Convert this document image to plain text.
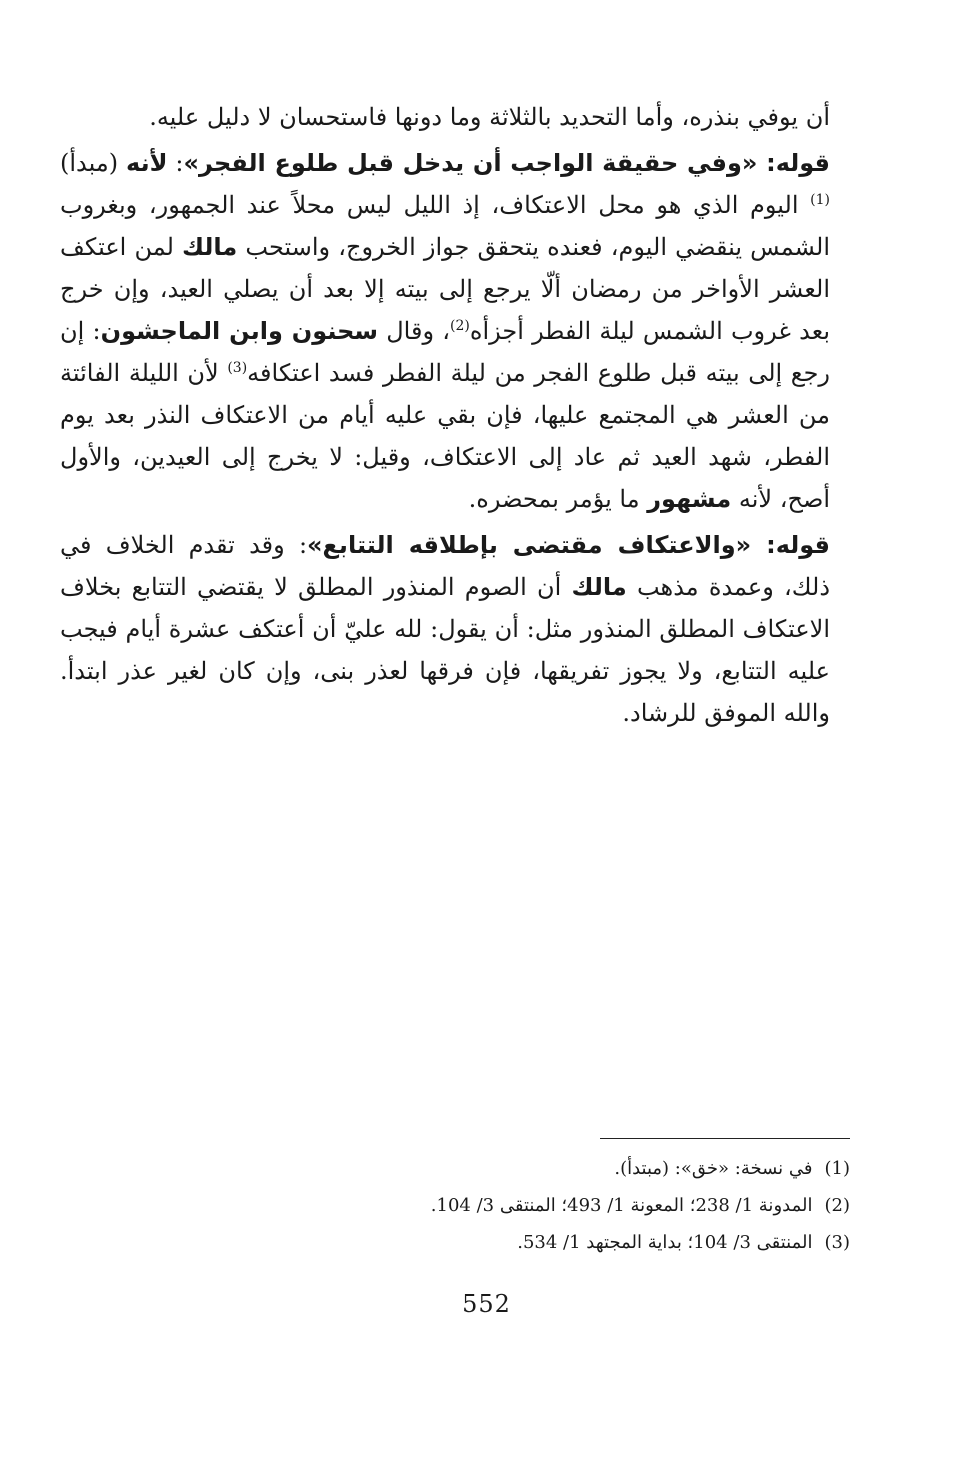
أن يوفي بنذره، وأما التحديد بالثلاثة وما دونها فاستحسان لا دليل عليه.

قوله: «وفي حقيقة الواجب أن يدخل قبل طلوع الفجر»: لأنه (مبدأ)$^{(1)}$ اليوم الذي هو محل الاعتكاف، إذ الليل ليس محلاً عند الجمهور، وبغروب الشمس ينقضي اليوم، فعنده يتحقق جواز الخروج، واستحب مالك لمن اعتكف العشر الأواخر من رمضان ألّا يرجع إلى بيته إلا بعد أن يصلي العيد، وإن خرج بعد غروب الشمس ليلة الفطر أجزأه$^{(2)}$، وقال سحنون وابن الماجشون: إن رجع إلى بيته قبل طلوع الفجر من ليلة الفطر فسد اعتكافه$^{(3)}$ لأن الليلة الفائتة من العشر هي المجتمع عليها، فإن بقي عليه أيام من الاعتكاف النذر بعد يوم الفطر، شهد العيد ثم عاد إلى الاعتكاف، وقيل: لا يخرج إلى العيدين، والأول أصح، لأنه مشهور ما يؤمر بمحضره.

قوله: «والاعتكاف مقتضى بإطلاقه التتابع»: وقد تقدم الخلاف في ذلك، وعمدة مذهب مالك أن الصوم المنذور المطلق لا يقتضي التتابع بخلاف الاعتكاف المطلق المنذور مثل: أن يقول: لله عليّ أن أعتكف عشرة أيام فيجب عليه التتابع، ولا يجوز تفريقها، فإن فرقها لعذر بنى، وإن كان لغير عذر ابتدأ. والله الموفق للرشاد.

(1)في نسخة: «خق»: (مبتدأ).
(2)المدونة 1/ 238؛ المعونة 1/ 493؛ المنتقى 3/ 104.
(3)المنتقى 3/ 104؛ بداية المجتهد 1/ 534.
552
